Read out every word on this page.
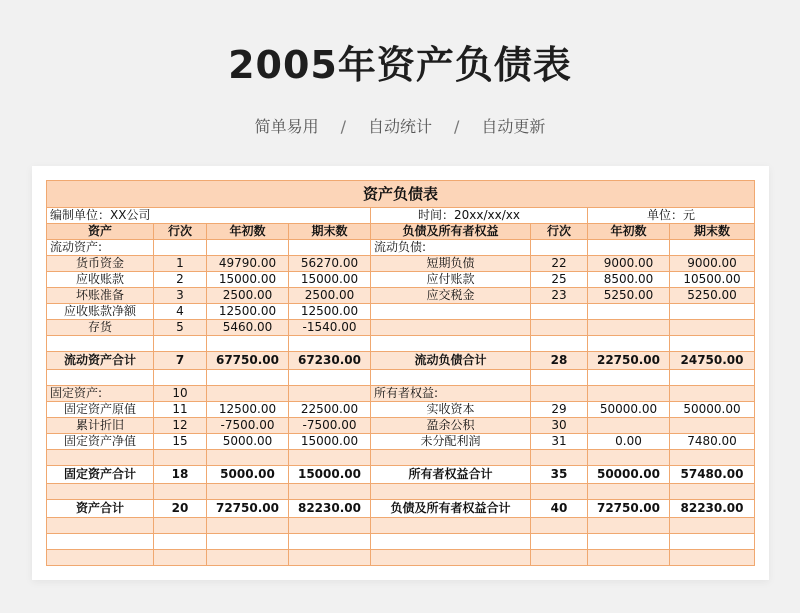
2005年资产负债表
简单易用 / 自动统计 / 自动更新
资产负债表							
编制单位：XX公司				时间：20xx/xx/xx		单位：元	
资产	行次	年初数	期末数	负债及所有者权益	行次	年初数	期末数
流动资产:				流动负债:			
货币资金	1	49790.00	56270.00	短期负债	22	9000.00	9000.00
应收账款	2	15000.00	15000.00	应付账款	25	8500.00	10500.00
坏账准备	3	2500.00	2500.00	应交税金	23	5250.00	5250.00
应收账款净额	4	12500.00	12500.00				
存货	5	5460.00	-1540.00				

流动资产合计	7	67750.00	67230.00	流动负债合计	28	22750.00	24750.00

固定资产:	10			所有者权益:			
固定资产原值	11	12500.00	22500.00	实收资本	29	50000.00	50000.00
累计折旧	12	-7500.00	-7500.00	盈余公积	30		
固定资产净值	15	5000.00	15000.00	未分配利润	31	0.00	7480.00

固定资产合计	18	5000.00	15000.00	所有者权益合计	35	50000.00	57480.00

资产合计	20	72750.00	82230.00	负债及所有者权益合计	40	72750.00	82230.00
